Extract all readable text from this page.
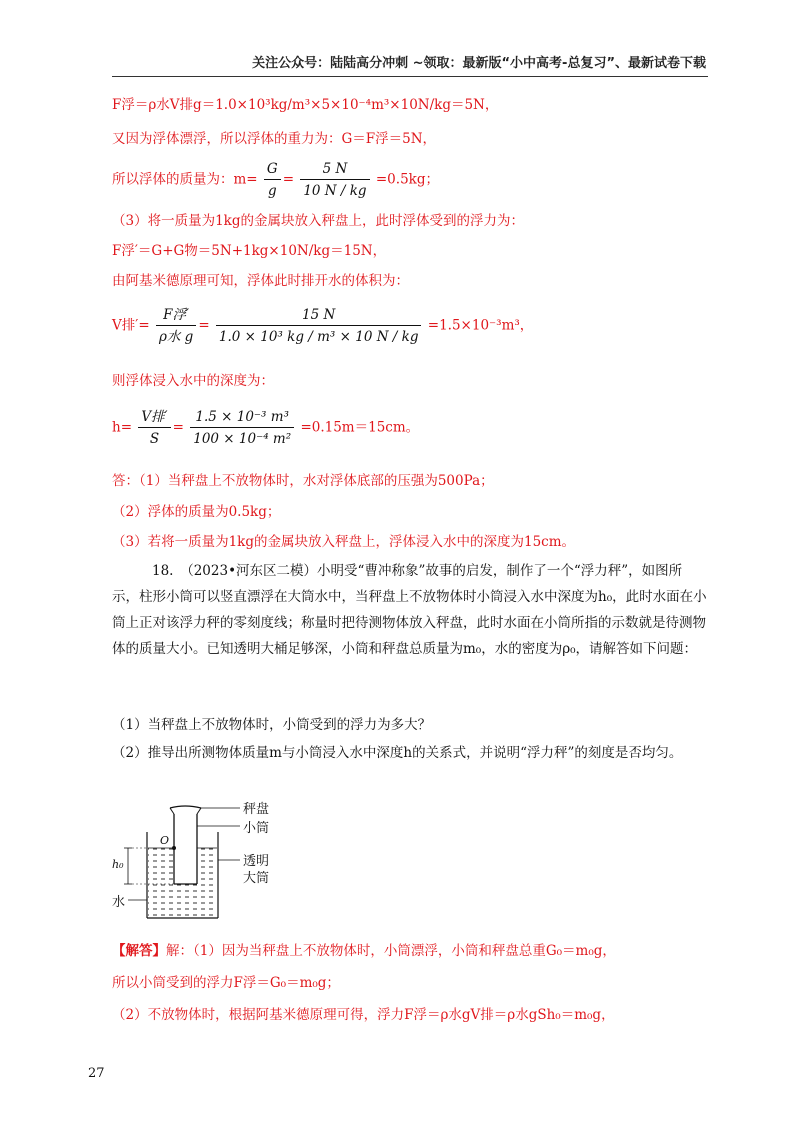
关注公众号：陆陆高分冲刺 ~领取：最新版“小中高考-总复习”、最新试卷下载
F浮＝ρ水V排g＝1.0×10³kg/m³×5×10⁻⁴m³×10N/kg＝5N，
又因为浮体漂浮，所以浮体的重力为：G＝F浮＝5N，
所以浮体的质量为：$m= \frac{G}{g} = \frac{5 N}{10 N / kg} =0.5kg$；
（3）将一质量为1kg的金属块放入秤盘上，此时浮体受到的浮力为：
F浮′＝G+G物＝5N+1kg×10N/kg＝15N，
由阿基米德原理可知，浮体此时排开水的体积为：
V排′= $\frac{\text{F浮′}}{\text{ρ水 g}} = \frac{15 N}{\text{1.0 × 10³ kg / m³ × 10 N / kg}} =1.5\times 10^{-3}m^3$，
则浮体浸入水中的深度为：
$h= \frac{\text{V排′}}{S} = \frac{\text{1.5 × 10⁻³ m³}}{\text{100 × 10⁻⁴ m²}} =0.15m=15cm$。
答：（1）当秤盘上不放物体时，水对浮体底部的压强为500Pa；
（2）浮体的质量为0.5kg；
（3）若将一质量为1kg的金属块放入秤盘上，浮体浸入水中的深度为15cm。
18.　（2023•河东区二模）小明受“曹冲称象”故事的启发，制作了一个“浮力秤”，如图所示，柱形小筒可以竖直漂浮在大筒水中，当秤盘上不放物体时小筒浸入水中深度为h₀，此时水面在小筒上正对该浮力秤的零刻度线；称量时把待测物体放入秤盘，此时水面在小筒所指的示数就是待测物体的质量大小。已知透明大桶足够深，小筒和秤盘总质量为m₀，水的密度为ρ₀，请解答如下问题：
（1）当秤盘上不放物体时，小筒受到的浮力为多大？
（2）推导出所测物体质量m与小筒浸入水中深度h的关系式，并说明“浮力秤”的刻度是否均匀。
秤盘
小筒
透明
大筒
水
O
h₀
【解答】解：（1）因为当秤盘上不放物体时，小筒漂浮，小筒和秤盘总重G₀＝m₀g，
所以小筒受到的浮力F浮＝G₀＝m₀g；
（2）不放物体时，根据阿基米德原理可得，浮力F浮＝ρ水gV排＝ρ水gSh₀＝m₀g，
27
